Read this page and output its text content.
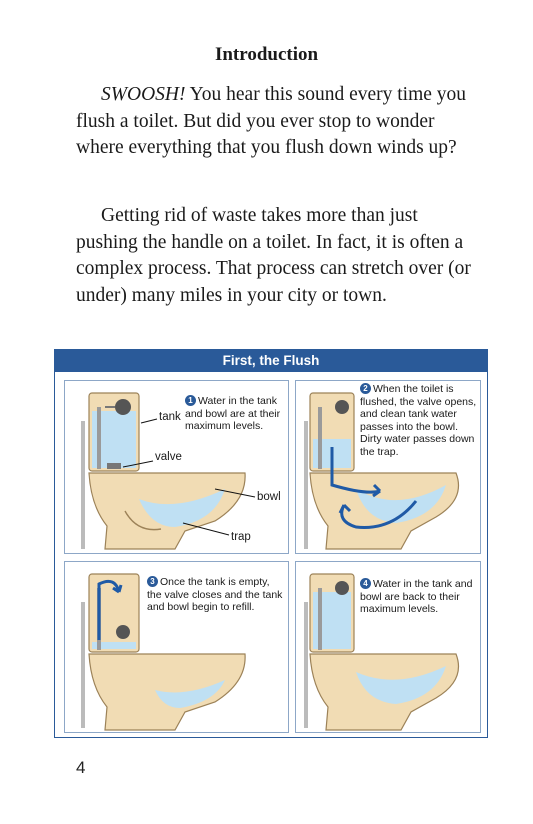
Introduction

SWOOSH! You hear this sound every time you flush a toilet. But did you ever stop to wonder where everything that you flush down winds up?

Getting rid of waste takes more than just pushing the handle on a toilet. In fact, it is often a complex process. That process can stretch over (or under) many miles in your city or town.

First, the Flush
tank
valve
bowl
trap
1 Water in the tank and bowl are at their maximum levels.
2 When the toilet is flushed, the valve opens, and clean tank water passes into the bowl. Dirty water passes down the trap.
3 Once the tank is empty, the valve closes and the tank and bowl begin to refill.
4 Water in the tank and bowl are back to their maximum levels.
4
